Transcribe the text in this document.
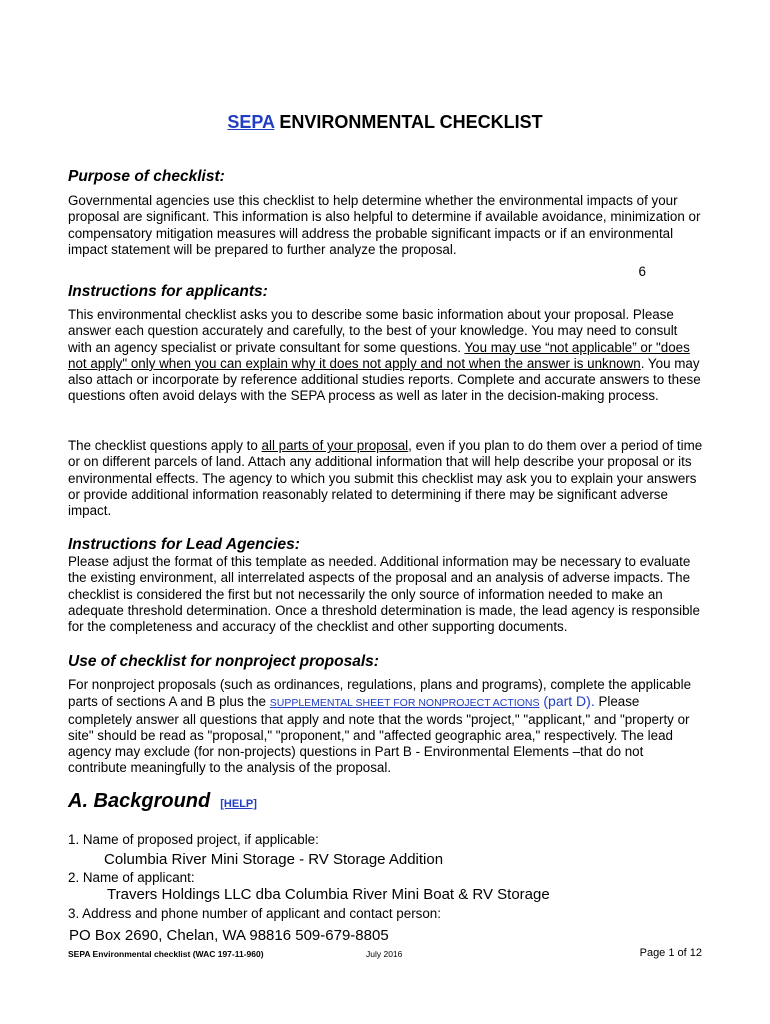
SEPA ENVIRONMENTAL CHECKLIST
Purpose of checklist:
Governmental agencies use this checklist to help determine whether the environmental impacts of your proposal are significant. This information is also helpful to determine if available avoidance, minimization or compensatory mitigation measures will address the probable significant impacts or if an environmental impact statement will be prepared to further analyze the proposal.
6
Instructions for applicants:
This environmental checklist asks you to describe some basic information about your proposal. Please answer each question accurately and carefully, to the best of your knowledge. You may need to consult with an agency specialist or private consultant for some questions. You may use “not applicable” or "does not apply" only when you can explain why it does not apply and not when the answer is unknown. You may also attach or incorporate by reference additional studies reports. Complete and accurate answers to these questions often avoid delays with the SEPA process as well as later in the decision-making process.
The checklist questions apply to all parts of your proposal, even if you plan to do them over a period of time or on different parcels of land. Attach any additional information that will help describe your proposal or its environmental effects. The agency to which you submit this checklist may ask you to explain your answers or provide additional information reasonably related to determining if there may be significant adverse impact.
Instructions for Lead Agencies:
Please adjust the format of this template as needed. Additional information may be necessary to evaluate the existing environment, all interrelated aspects of the proposal and an analysis of adverse impacts. The checklist is considered the first but not necessarily the only source of information needed to make an adequate threshold determination. Once a threshold determination is made, the lead agency is responsible for the completeness and accuracy of the checklist and other supporting documents.
Use of checklist for nonproject proposals:
For nonproject proposals (such as ordinances, regulations, plans and programs), complete the applicable parts of sections A and B plus the SUPPLEMENTAL SHEET FOR NONPROJECT ACTIONS (part D). Please completely answer all questions that apply and note that the words "project," "applicant," and "property or site" should be read as "proposal," "proponent," and "affected geographic area," respectively. The lead agency may exclude (for non-projects) questions in Part B - Environmental Elements –that do not contribute meaningfully to the analysis of the proposal.
A. Background [HELP]
1. Name of proposed project, if applicable:
Columbia River Mini Storage - RV Storage Addition
2. Name of applicant:
Travers Holdings LLC dba Columbia River Mini Boat & RV Storage
3. Address and phone number of applicant and contact person:
PO Box 2690, Chelan, WA 98816 509-679-8805
SEPA Environmental checklist (WAC 197-11-960)	July 2016	Page 1 of 12
